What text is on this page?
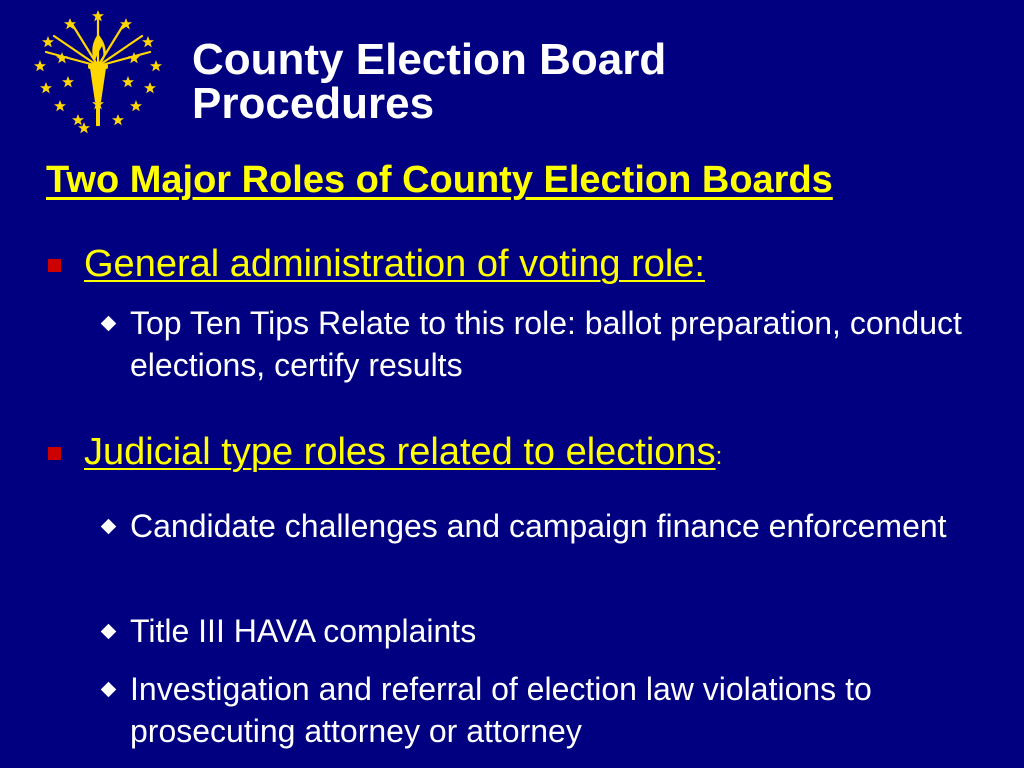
County Election Board
Procedures
Two Major Roles of County Election Boards

General administration of voting role:

Top Ten Tips Relate to this role: ballot preparation, conduct elections, certify results

Judicial type roles related to elections:

Candidate challenges and campaign finance enforcement

Title III HAVA complaints

Investigation and referral of election law violations to prosecuting attorney or attorney
